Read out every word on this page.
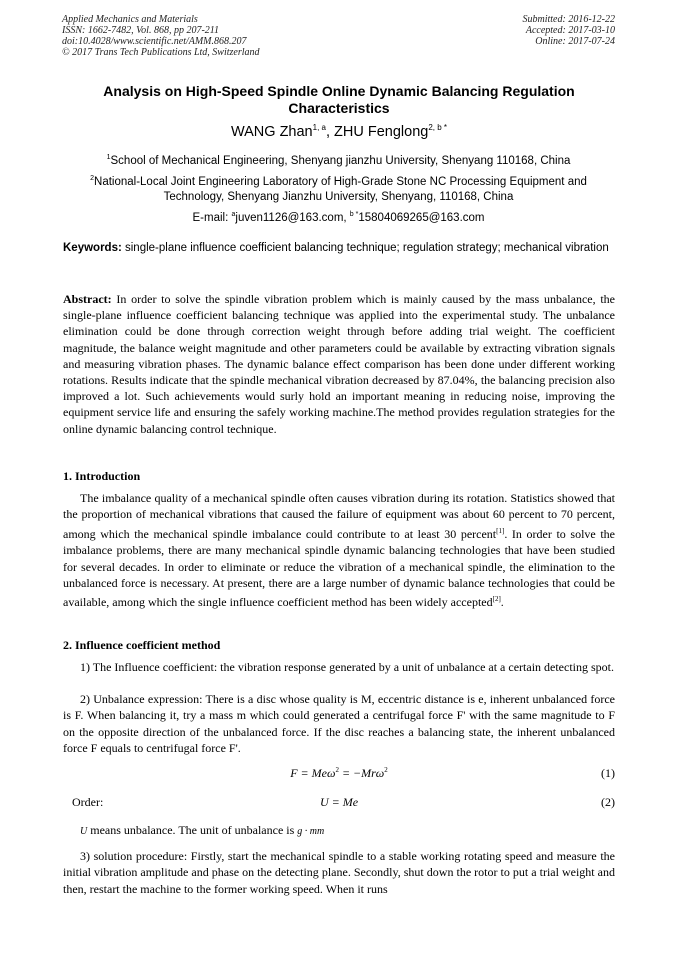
Applied Mechanics and Materials
ISSN: 1662-7482, Vol. 868, pp 207-211
doi:10.4028/www.scientific.net/AMM.868.207
© 2017 Trans Tech Publications Ltd, Switzerland
Submitted: 2016-12-22
Accepted: 2017-03-10
Online: 2017-07-24
Analysis on High-Speed Spindle Online Dynamic Balancing Regulation Characteristics
WANG Zhan$^{1, a}$, ZHU Fenglong$^{2, b *}$
$^1$School of Mechanical Engineering, Shenyang jianzhu University, Shenyang 110168, China
$^2$National-Local Joint Engineering Laboratory of High-Grade Stone NC Processing Equipment and Technology, Shenyang Jianzhu University, Shenyang, 110168, China
E-mail: $^a$juven1126@163.com, $^{b *}$15804069265@163.com
Keywords: single-plane influence coefficient balancing technique; regulation strategy; mechanical vibration

Abstract: In order to solve the spindle vibration problem which is mainly caused by the mass unbalance, the single-plane influence coefficient balancing technique was applied into the experimental study. The unbalance elimination could be done through correction weight through before adding trial weight. The coefficient magnitude, the balance weight magnitude and other parameters could be available by extracting vibration signals and measuring vibration phases. The dynamic balance effect comparison has been done under different working rotations. Results indicate that the spindle mechanical vibration decreased by 87.04%, the balancing precision also improved a lot. Such achievements would surly hold an important meaning in reducing noise, improving the equipment service life and ensuring the safely working machine.The method provides regulation strategies for the online dynamic balancing control technique.

1. Introduction

The imbalance quality of a mechanical spindle often causes vibration during its rotation. Statistics showed that the proportion of mechanical vibrations that caused the failure of equipment was about 60 percent to 70 percent, among which the mechanical spindle imbalance could contribute to at least 30 percent[1]. In order to solve the imbalance problems, there are many mechanical spindle dynamic balancing technologies that have been studied for several decades. In order to eliminate or reduce the vibration of a mechanical spindle, the elimination to the unbalanced force is necessary. At present, there are a large number of dynamic balance technologies that could be available, among which the single influence coefficient method has been widely accepted[2].

2. Influence coefficient method

1) The Influence coefficient: the vibration response generated by a unit of unbalance at a certain detecting spot.

2) Unbalance expression: There is a disc whose quality is M, eccentric distance is e, inherent unbalanced force is F. When balancing it, try a mass m which could generated a centrifugal force F' with the same magnitude to F on the opposite direction of the unbalanced force. If the disc reaches a balancing state, the inherent unbalanced force F equals to centrifugal force F'.

F = Meω$^2$ = −Mrω$^2$	(1)
Order:	U = Me	(2)
U means unbalance. The unit of unbalance is g · mm

3) solution procedure: Firstly, start the mechanical spindle to a stable working rotating speed and measure the initial vibration amplitude and phase on the detecting plane. Secondly, shut down the rotor to put a trial weight and then, restart the machine to the former working speed. When it runs
